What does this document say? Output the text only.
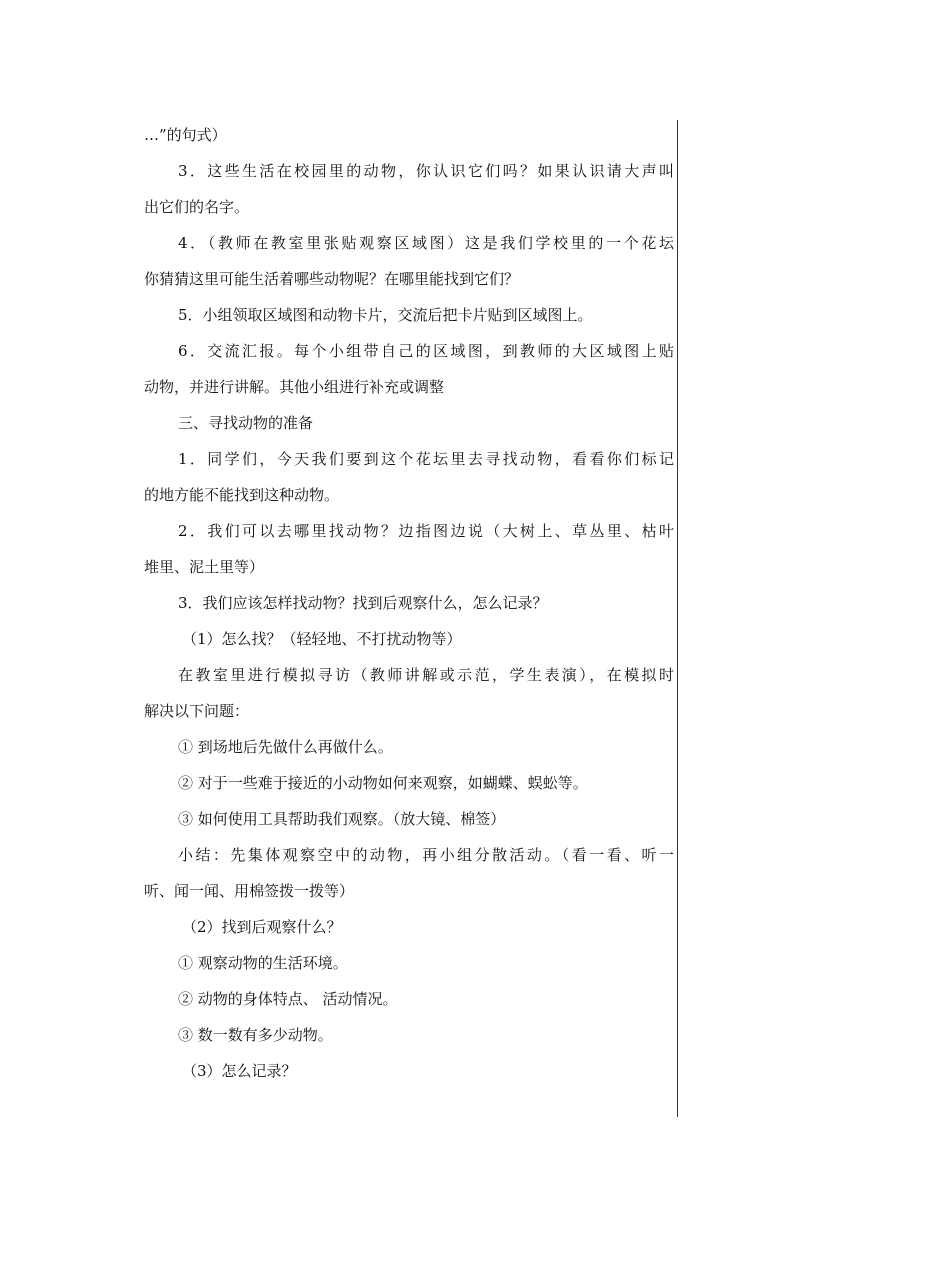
…”的句式）
3．这些生活在校园里的动物，你认识它们吗？如果认识请大声叫
出它们的名字。
4．（教师在教室里张贴观察区域图）这是我们学校里的一个花坛
你猜猜这里可能生活着哪些动物呢？在哪里能找到它们？
5．小组领取区域图和动物卡片，交流后把卡片贴到区域图上。
6．交流汇报。每个小组带自己的区域图，到教师的大区域图上贴
动物，并进行讲解。其他小组进行补充或调整
三、寻找动物的准备
1．同学们，今天我们要到这个花坛里去寻找动物，看看你们标记
的地方能不能找到这种动物。
2．我们可以去哪里找动物？边指图边说（大树上、草丛里、枯叶
堆里、泥土里等）
3．我们应该怎样找动物？找到后观察什么，怎么记录？
（1）怎么找？（轻轻地、不打扰动物等）
在教室里进行模拟寻访（教师讲解或示范，学生表演），在模拟时
解决以下问题：
① 到场地后先做什么再做什么。
② 对于一些难于接近的小动物如何来观察，如蝴蝶、蜈蚣等。
③ 如何使用工具帮助我们观察。（放大镜、棉签）
小结：先集体观察空中的动物，再小组分散活动。（看一看、听一
听、闻一闻、用棉签拨一拨等）
（2）找到后观察什么？
① 观察动物的生活环境。
② 动物的身体特点、 活动情况。
③ 数一数有多少动物。
（3）怎么记录？
